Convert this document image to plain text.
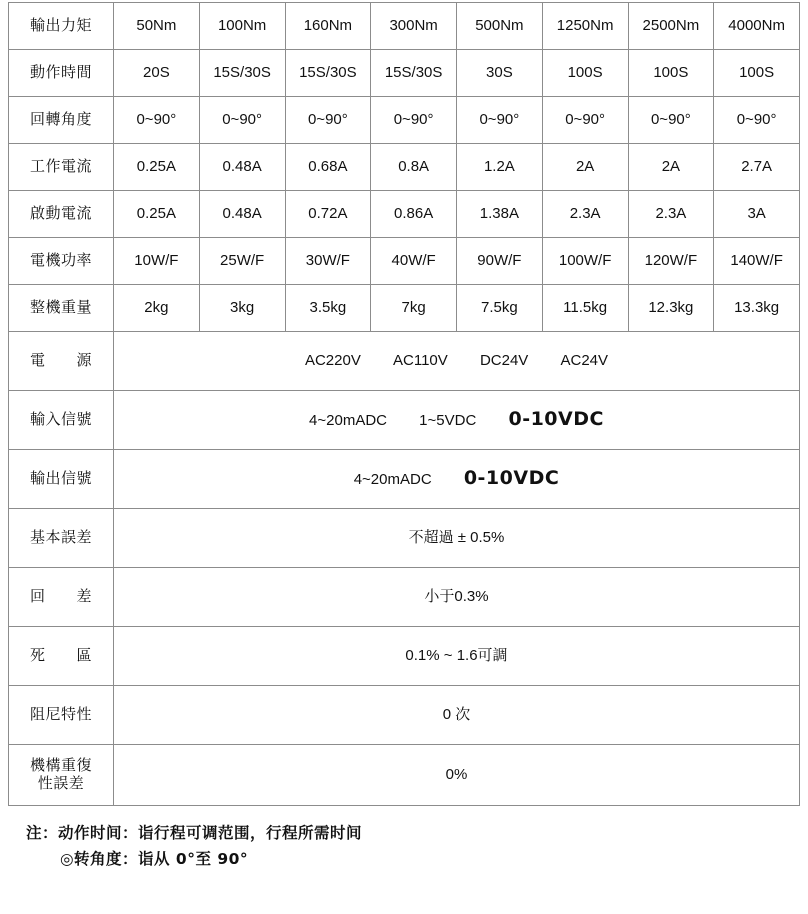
輸出力矩	50Nm	100Nm	160Nm	300Nm	500Nm	1250Nm	2500Nm	4000Nm
動作時間	20S	15S/30S	15S/30S	15S/30S	30S	100S	100S	100S
回轉角度	0~90°	0~90°	0~90°	0~90°	0~90°	0~90°	0~90°	0~90°
工作電流	0.25A	0.48A	0.68A	0.8A	1.2A	2A	2A	2.7A
啟動電流	0.25A	0.48A	0.72A	0.86A	1.38A	2.3A	2.3A	3A
電機功率	10W/F	25W/F	30W/F	40W/F	90W/F	100W/F	120W/F	140W/F
整機重量	2kg	3kg	3.5kg	7kg	7.5kg	11.5kg	12.3kg	13.3kg
電　　源	AC220V AC110V DC24V AC24V							
輸入信號	4~20mADC 1~5VDC 0-10VDC							
輸出信號	4~20mADC 0-10VDC							
基本誤差	不超過 ± 0.5%							
回　　差	小于0.3%							
死　　區	0.1% ~ 1.6可調							
阻尼特性	0 次							

機構重復
性誤差	0%							
注：动作时间：诣行程可调范围，行程所需时间
◎转角度：诣从 0°至 90°
